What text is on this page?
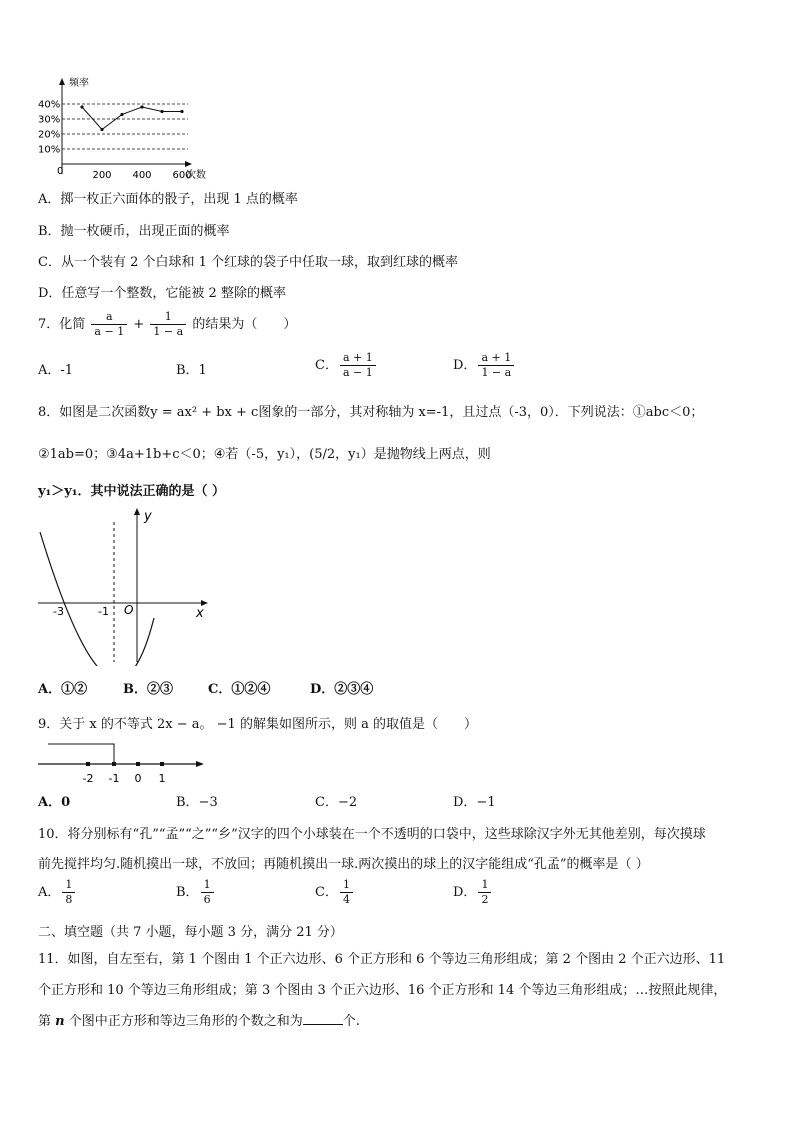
频率
次数
0
10%
20%
30%
40%
200 400 600
A．掷一枚正六面体的骰子，出现 1 点的概率
B．抛一枚硬币，出现正面的概率
C．从一个装有 2 个白球和 1 个红球的袋子中任取一球，取到红球的概率
D．任意写一个整数，它能被 2 整除的概率
7．化简 $\frac{a}{a - 1} + \frac{1}{1 - a}$ 的结果为（　　）
A．-1	B．1	C． $\frac{a + 1}{a - 1}$	D． $\frac{a + 1}{1 - a}$
8．如图是二次函数y = ax² + bx + c图象的一部分，其对称轴为 x=-1，且过点（-3，0）．下列说法：①abc＜0；
②1ab=0；③4a+1b+c＜0；④若（-5，y₁），(5/2，y₁）是抛物线上两点，则
y₁＞y₁．其中说法正确的是（ ）
y
x
O
-3	-1
A．①②	B．②③	C．①②④	D．②③④
9．关于 x 的不等式 2x − a。 −1 的解集如图所示，则 a 的取值是（　　）
-2 -1 0 1
A．0	B．−3	C．−2	D．−1
10．将分别标有“孔”“孟”“之”“乡”汉字的四个小球装在一个不透明的口袋中，这些球除汉字外无其他差别，每次摸球
前先搅拌均匀.随机摸出一球，不放回；再随机摸出一球.两次摸出的球上的汉字能组成“孔孟”的概率是（ ）
A． $\frac{1}{8}$	B． $\frac{1}{6}$	C． $\frac{1}{4}$	D． $\frac{1}{2}$
二、填空题（共 7 小题，每小题 3 分，满分 21 分）
11．如图，自左至右，第 1 个图由 1 个正六边形、6 个正方形和 6 个等边三角形组成；第 2 个图由 2 个正六边形、11
个正方形和 10 个等边三角形组成；第 3 个图由 3 个正六边形、16 个正方形和 14 个等边三角形组成；…按照此规律，
第 n 个图中正方形和等边三角形的个数之和为	个.
